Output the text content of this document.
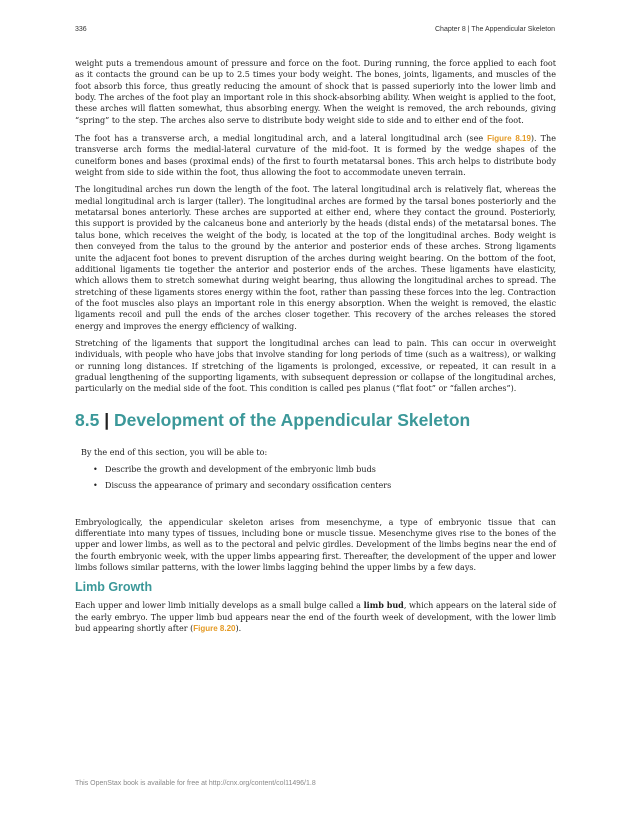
336	Chapter 8 | The Appendicular Skeleton

weight puts a tremendous amount of pressure and force on the foot. During running, the force applied to each foot as it contacts the ground can be up to 2.5 times your body weight. The bones, joints, ligaments, and muscles of the foot absorb this force, thus greatly reducing the amount of shock that is passed superiorly into the lower limb and body. The arches of the foot play an important role in this shock-absorbing ability. When weight is applied to the foot, these arches will flatten somewhat, thus absorbing energy. When the weight is removed, the arch rebounds, giving “spring” to the step. The arches also serve to distribute body weight side to side and to either end of the foot.

The foot has a transverse arch, a medial longitudinal arch, and a lateral longitudinal arch (see Figure 8.19). The transverse arch forms the medial-lateral curvature of the mid-foot. It is formed by the wedge shapes of the cuneiform bones and bases (proximal ends) of the first to fourth metatarsal bones. This arch helps to distribute body weight from side to side within the foot, thus allowing the foot to accommodate uneven terrain.

The longitudinal arches run down the length of the foot. The lateral longitudinal arch is relatively flat, whereas the medial longitudinal arch is larger (taller). The longitudinal arches are formed by the tarsal bones posteriorly and the metatarsal bones anteriorly. These arches are supported at either end, where they contact the ground. Posteriorly, this support is provided by the calcaneus bone and anteriorly by the heads (distal ends) of the metatarsal bones. The talus bone, which receives the weight of the body, is located at the top of the longitudinal arches. Body weight is then conveyed from the talus to the ground by the anterior and posterior ends of these arches. Strong ligaments unite the adjacent foot bones to prevent disruption of the arches during weight bearing. On the bottom of the foot, additional ligaments tie together the anterior and posterior ends of the arches. These ligaments have elasticity, which allows them to stretch somewhat during weight bearing, thus allowing the longitudinal arches to spread. The stretching of these ligaments stores energy within the foot, rather than passing these forces into the leg. Contraction of the foot muscles also plays an important role in this energy absorption. When the weight is removed, the elastic ligaments recoil and pull the ends of the arches closer together. This recovery of the arches releases the stored energy and improves the energy efficiency of walking.

Stretching of the ligaments that support the longitudinal arches can lead to pain. This can occur in overweight individuals, with people who have jobs that involve standing for long periods of time (such as a waitress), or walking or running long distances. If stretching of the ligaments is prolonged, excessive, or repeated, it can result in a gradual lengthening of the supporting ligaments, with subsequent depression or collapse of the longitudinal arches, particularly on the medial side of the foot. This condition is called pes planus (“flat foot” or “fallen arches”).

8.5 | Development of the Appendicular Skeleton

By the end of this section, you will be able to:

• Describe the growth and development of the embryonic limb buds
• Discuss the appearance of primary and secondary ossification centers

Embryologically, the appendicular skeleton arises from mesenchyme, a type of embryonic tissue that can differentiate into many types of tissues, including bone or muscle tissue. Mesenchyme gives rise to the bones of the upper and lower limbs, as well as to the pectoral and pelvic girdles. Development of the limbs begins near the end of the fourth embryonic week, with the upper limbs appearing first. Thereafter, the development of the upper and lower limbs follows similar patterns, with the lower limbs lagging behind the upper limbs by a few days.

Limb Growth

Each upper and lower limb initially develops as a small bulge called a limb bud, which appears on the lateral side of the early embryo. The upper limb bud appears near the end of the fourth week of development, with the lower limb bud appearing shortly after (Figure 8.20).

This OpenStax book is available for free at http://cnx.org/content/col11496/1.8
